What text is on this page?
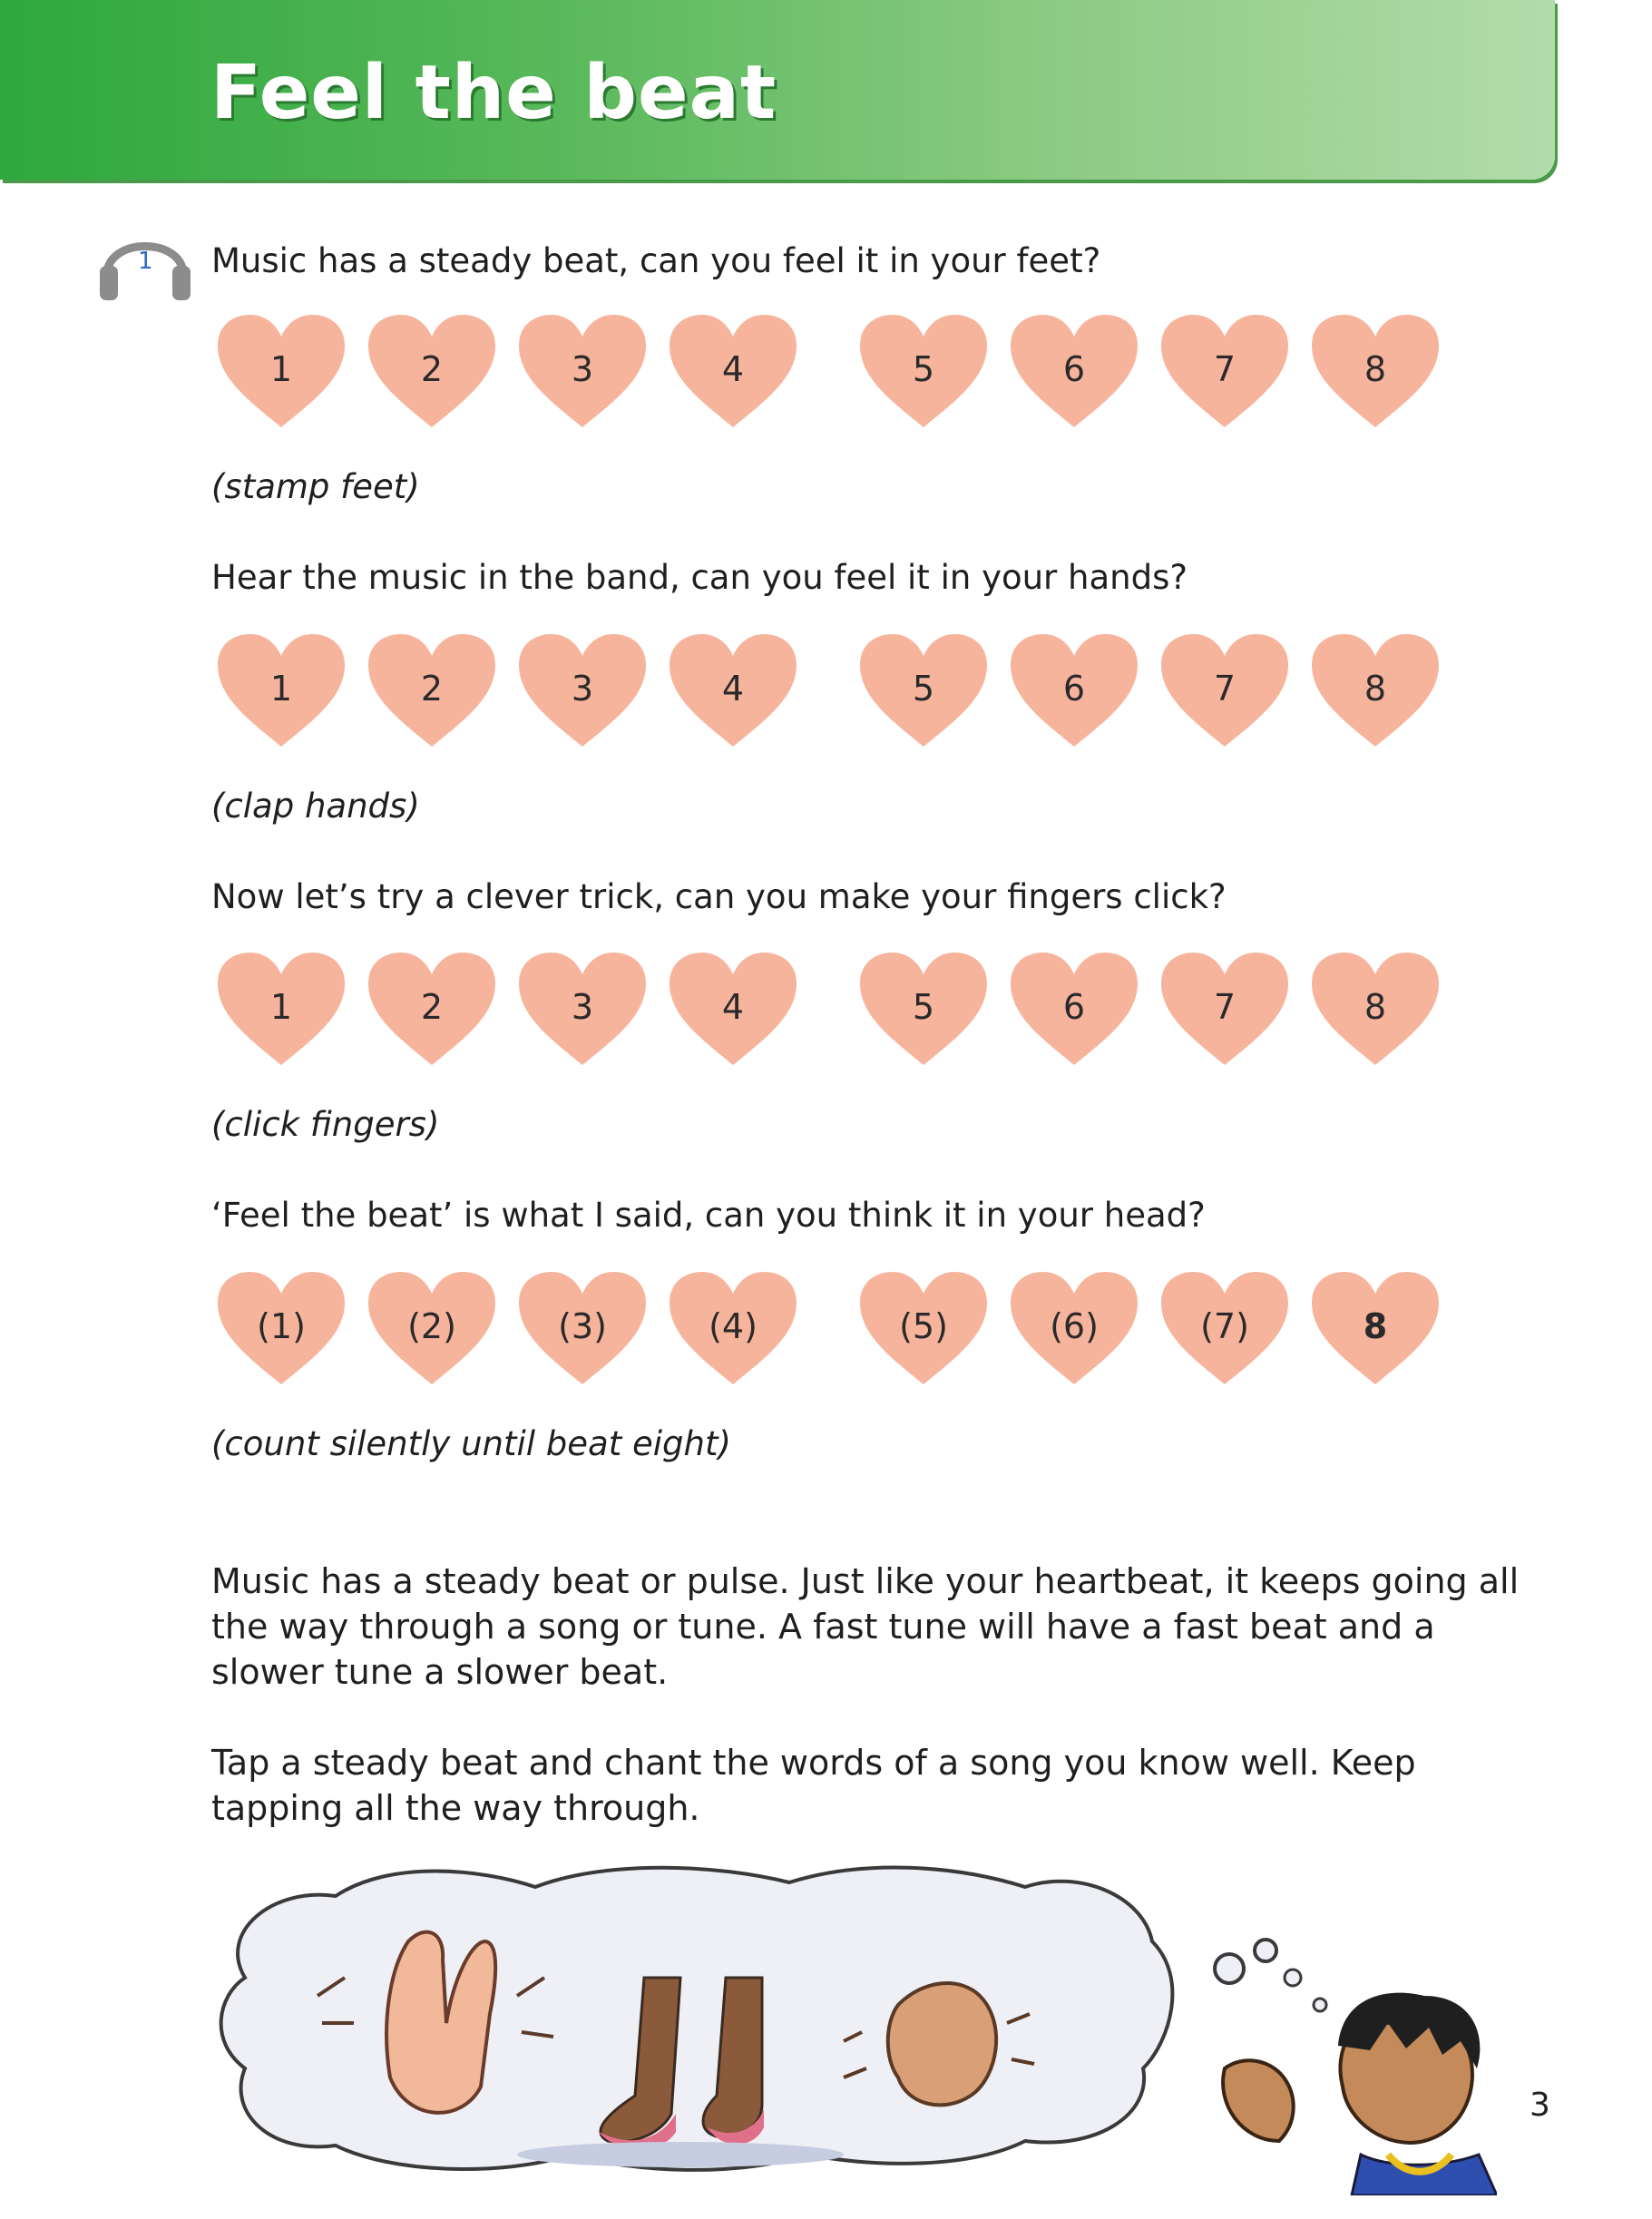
Feel the beat
1 Music has a steady beat, can you feel it in your feet?

1	2	3	4	5	6	7	8

(stamp feet)

Hear the music in the band, can you feel it in your hands?

1	2	3	4	5	6	7	8

(clap hands)

Now let’s try a clever trick, can you make your fingers click?

1	2	3	4	5	6	7	8

(click fingers)

‘Feel the beat’ is what I said, can you think it in your head?

(1)	(2)	(3)	(4)	(5)	(6)	(7)	8

(count silently until beat eight)

Music has a steady beat or pulse. Just like your heartbeat, it keeps going all the way through a song or tune. A fast tune will have a fast beat and a slower tune a slower beat.

Tap a steady beat and chant the words of a song you know well. Keep tapping all the way through.

3
